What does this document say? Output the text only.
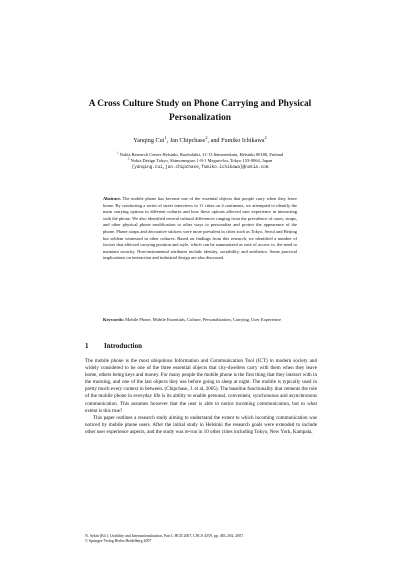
A Cross Culture Study on Phone Carrying and Physical Personalization
Yanqing Cui$^1$, Jan Chipchase$^2$, and Fumiko Ichikawa$^2$
$^1$ Nokia Research Center Helsinki, Ruoholahti, 11-13 Itämerenkatu, Helsinki 00180, Finland
$^2$ Nokia Design Tokyo, Shimomeguro 1-8-1 Meguro-ku, Tokyo 153-0064, Japan
{yanqing.cui,jan.chipchase,fumiko.ichikawa}@nokia.com
Abstract. The mobile phone has become one of the essential objects that people carry when they leave home. By conducting a series of street interviews in 11 cities on 4 continents, we attempted to identify the main carrying options in different cultures and how these options affected user experience in interacting with the phone. We also identified several cultural differences ranging from the prevalence of cases, straps, and other physical phone modification to other ways to personalize and protect the appearance of the phone. Phone straps and decorative stickers were more prevalent in cities such as Tokyo, Seoul and Beijing but seldom witnessed in other cultures. Based on findings from this research, we identified a number of factors that affected carrying position and style, which can be summarized as ease of access vs. the need to maintain security. Non-instrumental attributes include identity, sociability, and aesthetics. Some practical implications on interaction and industrial design are also discussed.
Keywords: Mobile Phone, Mobile Essentials, Culture, Personalization, Carrying, User Experience
1 Introduction

The mobile phone is the most ubiquitous Information and Communication Tool (ICT) in modern society and widely considered to be one of the three essential objects that city-dwellers carry with them when they leave home, others being keys and money. For many people the mobile phone is the first thing that they interact with in the morning, and one of the last objects they use before going to sleep at night. The mobile is typically used in pretty much every context in between. (Chipchase, J. et al, 2005). The baseline functionality that cements the role of the mobile phone in everyday life is its ability to enable personal, convenient, synchronous and asynchronous communication. This assumes however that the user is able to notice incoming communication, but to what extent is this true?

This paper outlines a research study aiming to understand the extent to which incoming communication was noticed by mobile phone users. After the initial study in Helsinki the research goals were extended to include other user experience aspects, and the study was re-run in 10 other cities including Tokyo, New York, Kampala,

N. Aykin (Ed.): Usability and Internationalization, Part I, HCII 2007, LNCS 4559, pp. 483–492, 2007.
© Springer-Verlag Berlin Heidelberg 2007
